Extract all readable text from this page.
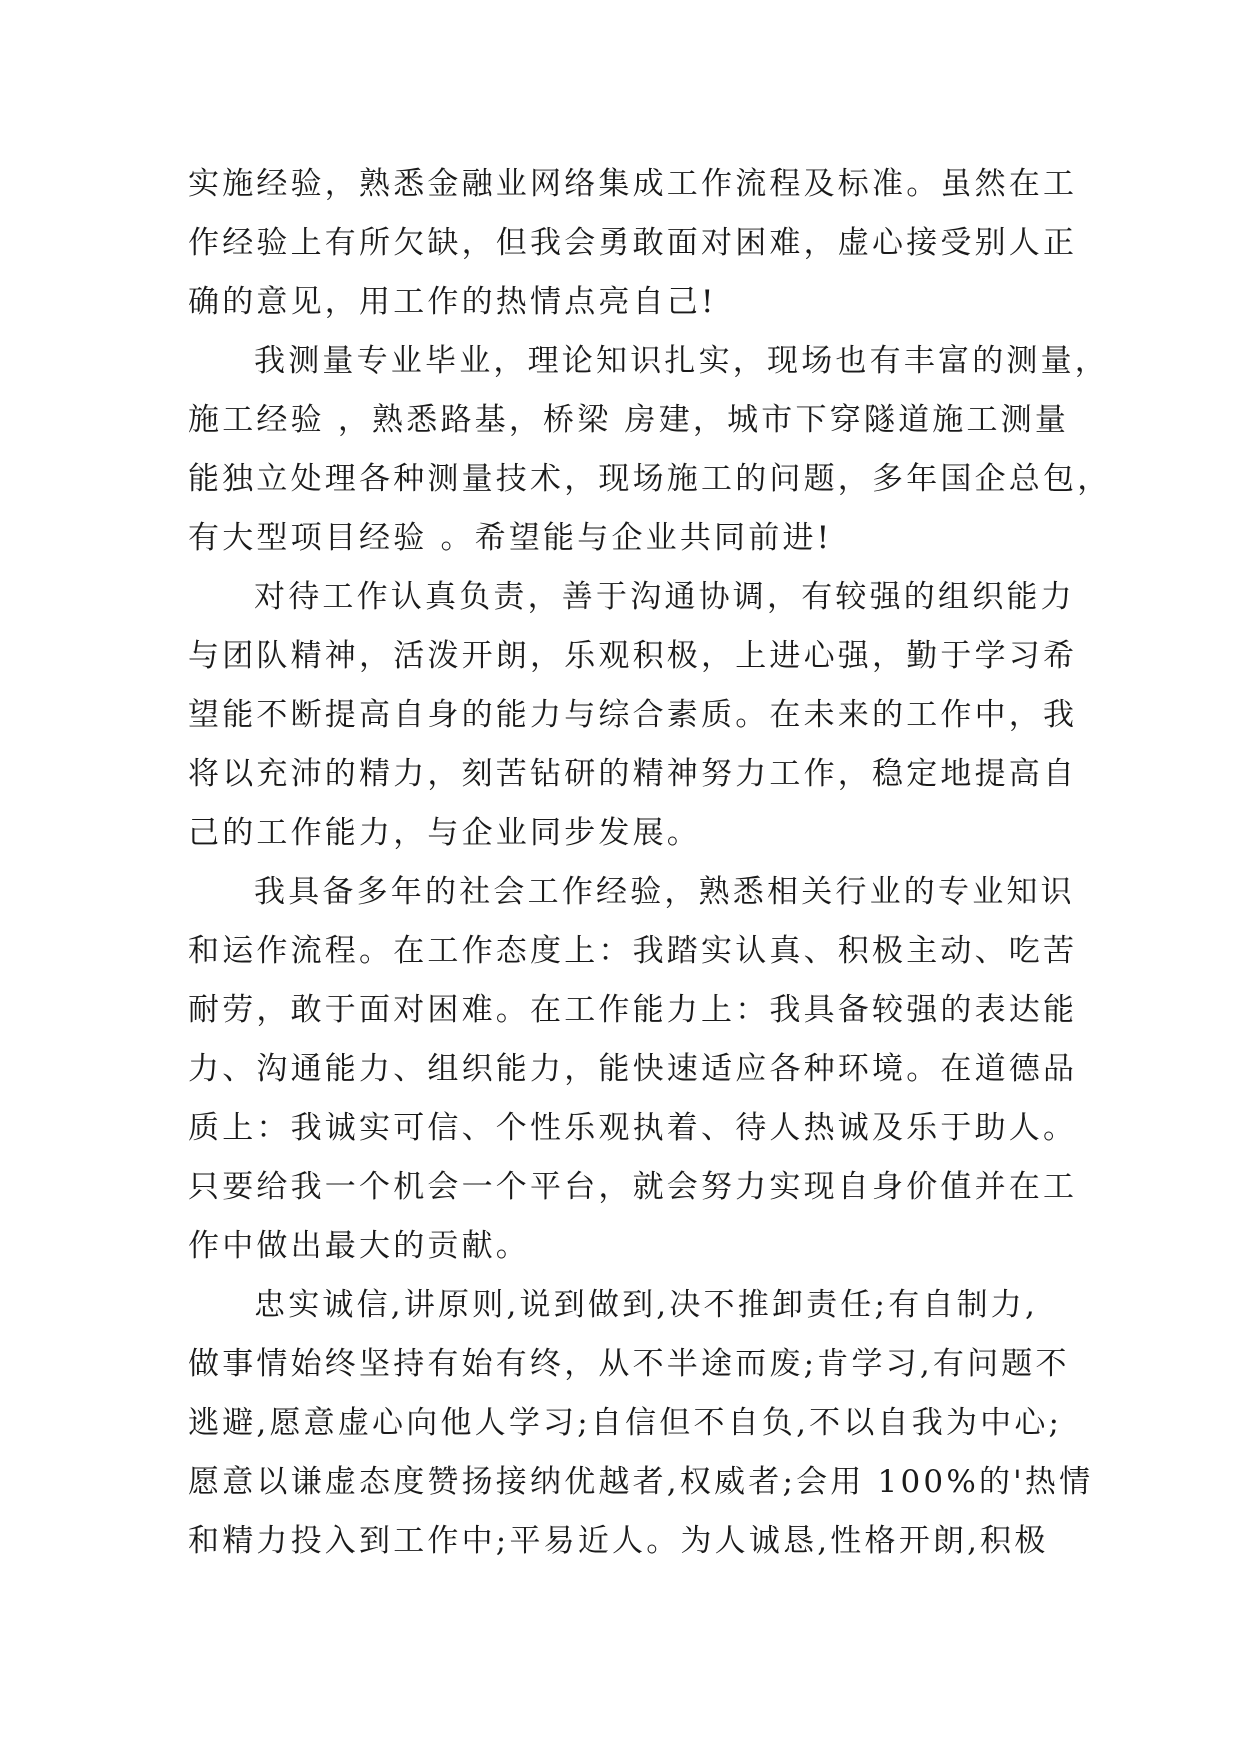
实施经验，熟悉金融业网络集成工作流程及标准。虽然在工
作经验上有所欠缺，但我会勇敢面对困难，虚心接受别人正
确的意见，用工作的热情点亮自己!
我测量专业毕业，理论知识扎实，现场也有丰富的测量，
施工经验 ，熟悉路基，桥梁 房建，城市下穿隧道施工测量
能独立处理各种测量技术，现场施工的问题，多年国企总包，
有大型项目经验 。希望能与企业共同前进!
对待工作认真负责，善于沟通协调，有较强的组织能力
与团队精神，活泼开朗，乐观积极，上进心强，勤于学习希
望能不断提高自身的能力与综合素质。在未来的工作中，我
将以充沛的精力，刻苦钻研的精神努力工作，稳定地提高自
己的工作能力，与企业同步发展。
我具备多年的社会工作经验，熟悉相关行业的专业知识
和运作流程。在工作态度上：我踏实认真、积极主动、吃苦
耐劳，敢于面对困难。在工作能力上：我具备较强的表达能
力、沟通能力、组织能力，能快速适应各种环境。在道德品
质上：我诚实可信、个性乐观执着、待人热诚及乐于助人。
只要给我一个机会一个平台，就会努力实现自身价值并在工
作中做出最大的贡献。
忠实诚信,讲原则,说到做到,决不推卸责任;有自制力,
做事情始终坚持有始有终，从不半途而废;肯学习,有问题不
逃避,愿意虚心向他人学习;自信但不自负,不以自我为中心;
愿意以谦虚态度赞扬接纳优越者,权威者;会用 100%的'热情
和精力投入到工作中;平易近人。为人诚恳,性格开朗,积极
